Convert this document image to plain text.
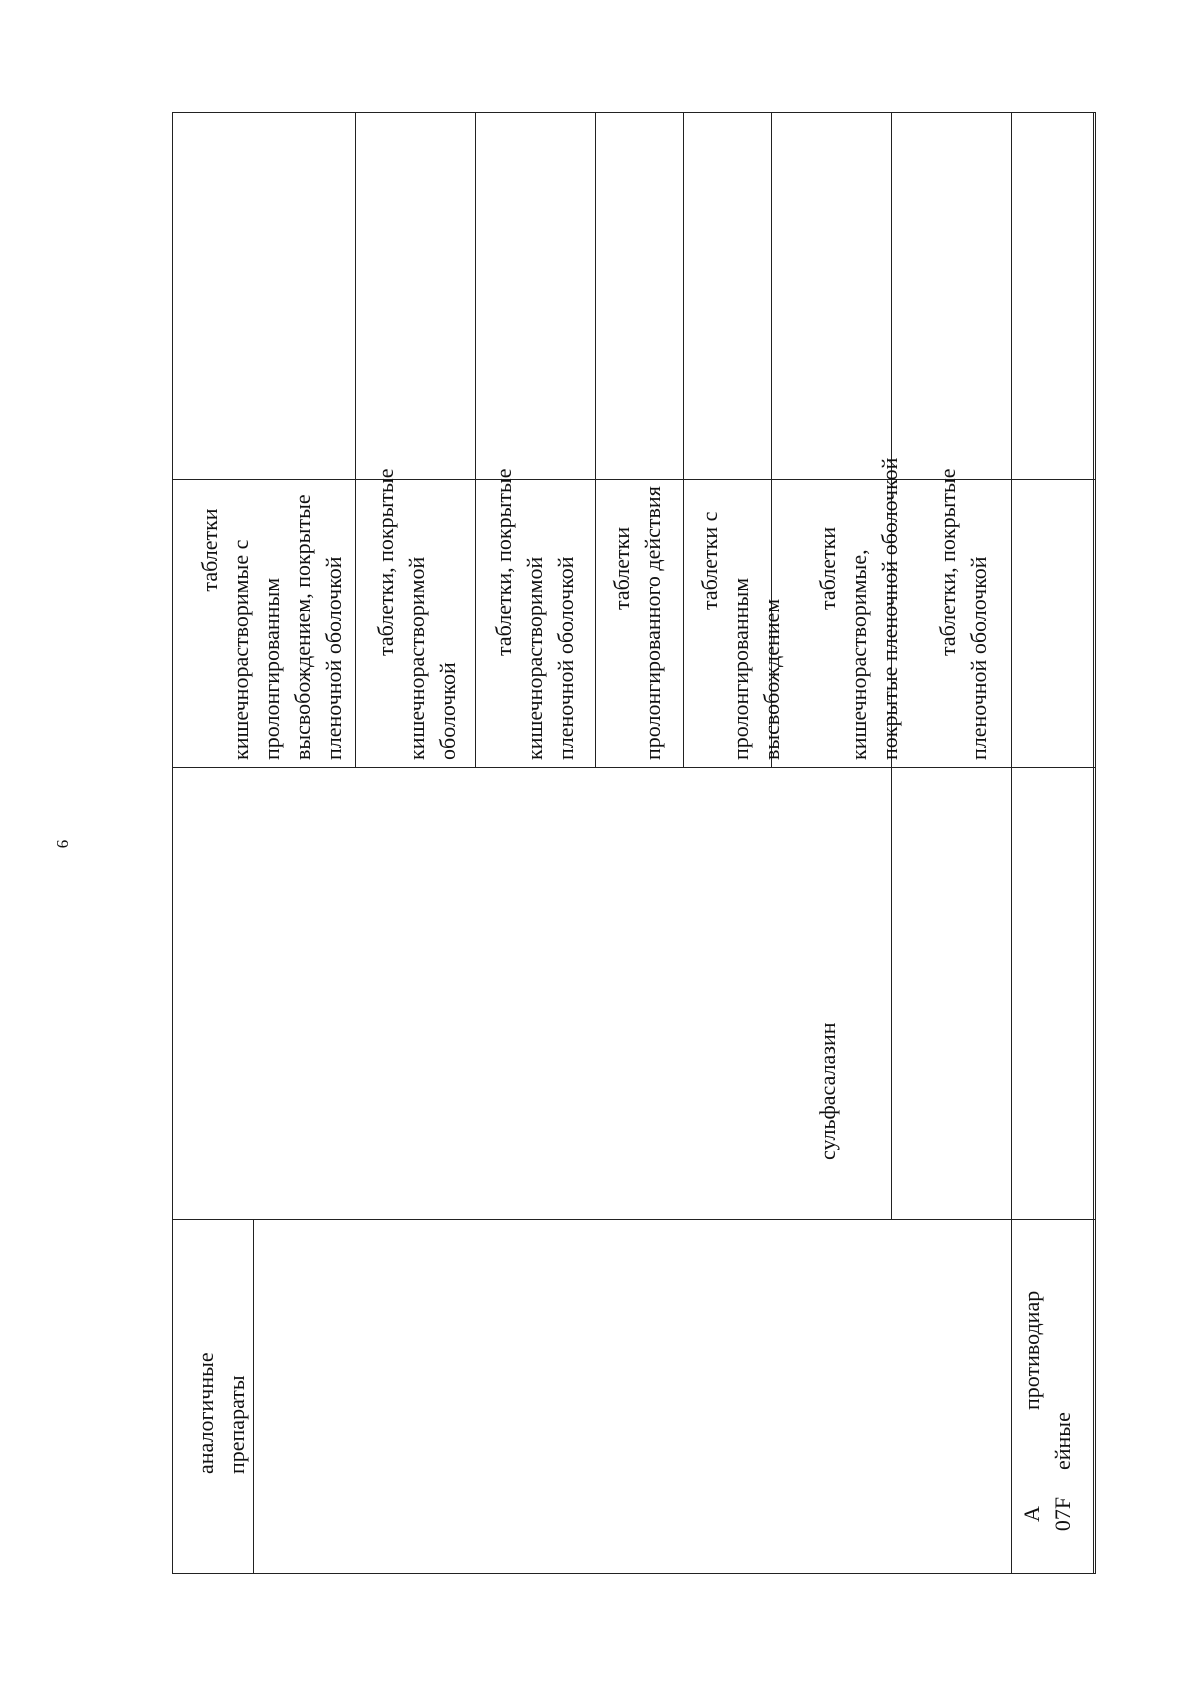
9
аналогичные препараты
сульфасалазин
А 07F
противодиар
ейные
таблетки кишечнорастворимые с пролонгированным высвобождением, покрытые пленочной оболочкой таблетки, покрытые кишечнорастворимой оболочкой
таблетки, покрытые кишечнорастворимой пленочной оболочкой таблетки пролонгированного действия таблетки с
пролонгированным высвобождением
таблетки кишечнорастворимые, покрытые пленочной оболочкой таблетки, покрытые пленочной оболочкой
